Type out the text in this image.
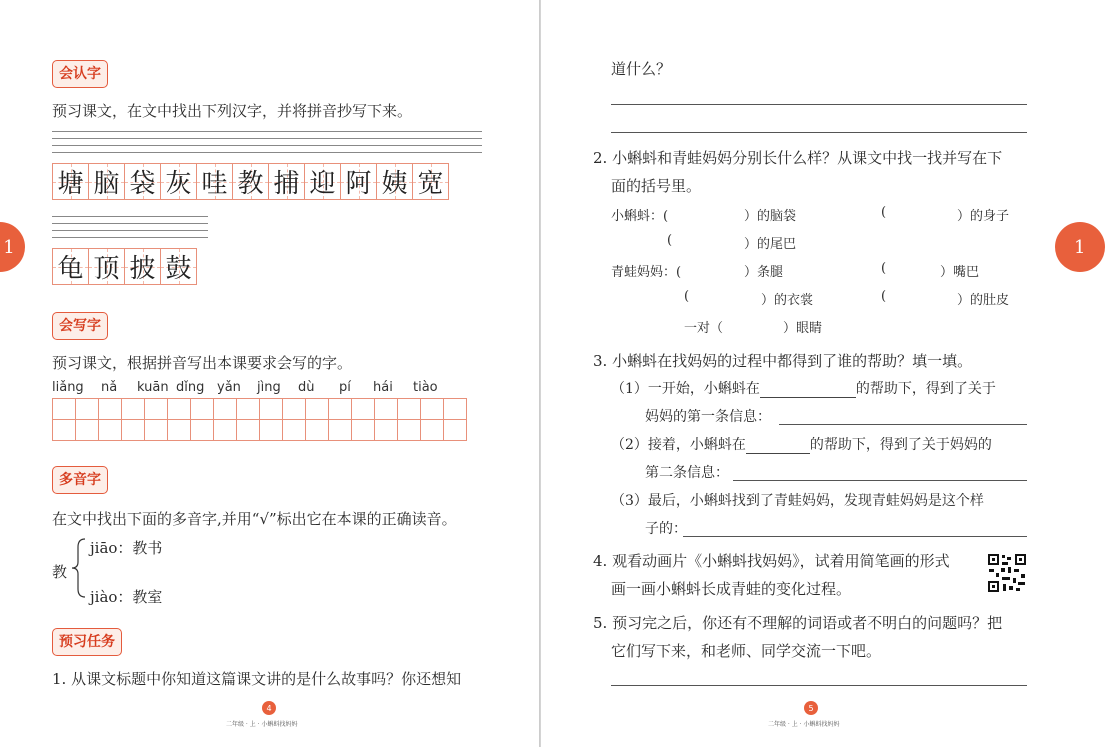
会认字
预习课文，在文中找出下列汉字，并将拼音抄写下来。
塘 脑 袋 灰 哇 教 捕 迎 阿 姨 宽
龟 顶 披 鼓
会写字
预习课文，根据拼音写出本课要求会写的字。
liǎng nǎ kuān dǐng yǎn jìng dù pí hái tiào

多音字
在文中找出下面的多音字,并用“√”标出它在本课的正确读音。
教
jiāo：教书
jiào：教室
预习任务
1. 从课文标题中你知道这篇课文讲的是什么故事吗？你还想知
4
二年级 · 上 · 小蝌蚪找妈妈
1
道什么？
2. 小蝌蚪和青蛙妈妈分别长什么样？从课文中找一找并写在下
面的括号里。
小蝌蚪：(	）的脑袋	(	）的身子
(	）的尾巴
青蛙妈妈：(	）条腿	(	）嘴巴
(	）的衣裳	(	）的肚皮
一对（	）眼睛
3. 小蝌蚪在找妈妈的过程中都得到了谁的帮助？填一填。
（1）一开始，小蝌蚪在	的帮助下，得到了关于
妈妈的第一条信息：
（2）接着，小蝌蚪在	的帮助下，得到了关于妈妈的
第二条信息：
（3）最后，小蝌蚪找到了青蛙妈妈，发现青蛙妈妈是这个样
子的：
4. 观看动画片《小蝌蚪找妈妈》，试着用简笔画的形式
画一画小蝌蚪长成青蛙的变化过程。
5. 预习完之后，你还有不理解的词语或者不明白的问题吗？把
它们写下来，和老师、同学交流一下吧。
5
二年级 · 上 · 小蝌蚪找妈妈
1
